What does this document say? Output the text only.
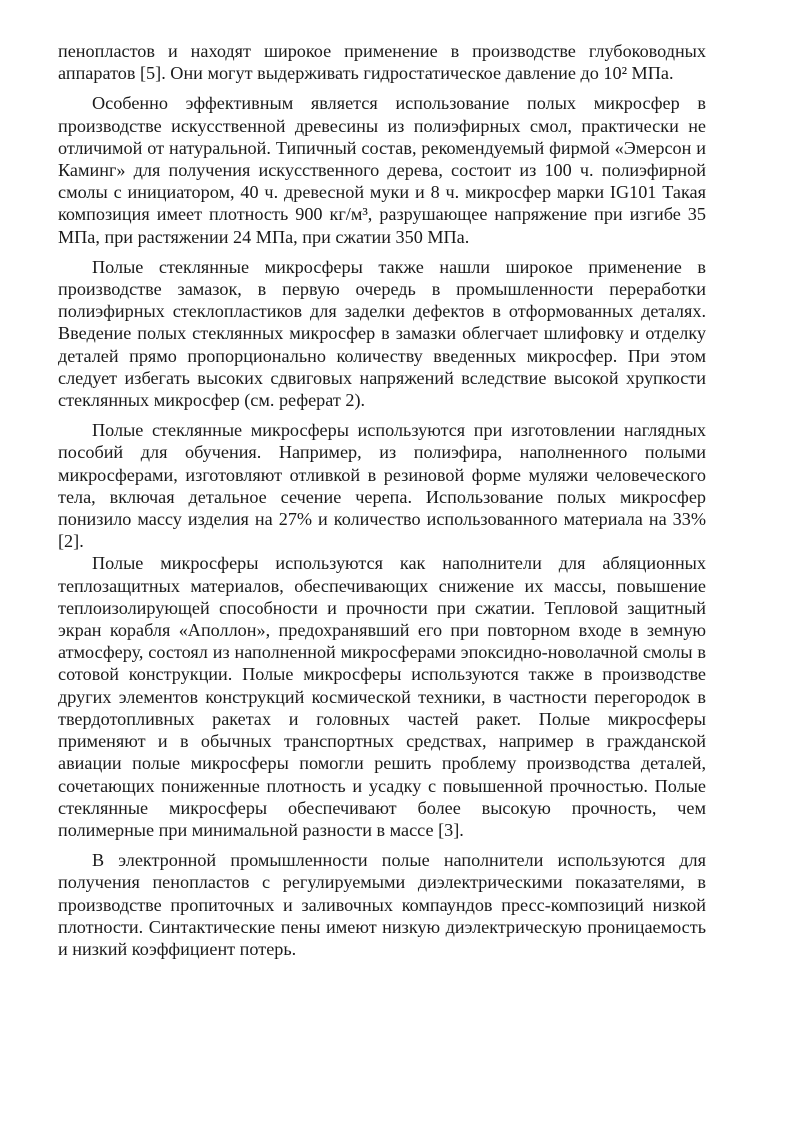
пенопластов и находят широкое применение в производстве глубоководных аппаратов [5]. Они могут выдерживать гидростатическое давление до 10² МПа.

Особенно эффективным является использование полых микросфер в производстве искусственной древесины из полиэфирных смол, практически не отличимой от натуральной. Типичный состав, рекомендуемый фирмой «Эмерсон и Каминг» для получения искусственного дерева, состоит из 100 ч. полиэфирной смолы с инициатором, 40 ч. древесной муки и 8 ч. микросфер марки IG101 Такая композиция имеет плотность 900 кг/м³, разрушающее напряжение при изгибе 35 МПа, при растяжении 24 МПа, при сжатии 350 МПа.

Полые стеклянные микросферы также нашли широкое применение в производстве замазок, в первую очередь в промышленности переработки полиэфирных стеклопластиков для заделки дефектов в отформованных деталях. Введение полых стеклянных микросфер в замазки облегчает шлифовку и отделку деталей прямо пропорционально количеству введенных микросфер. При этом следует избегать высоких сдвиговых напряжений вследствие высокой хрупкости стеклянных микросфер (см. реферат 2).

Полые стеклянные микросферы используются при изготовлении наглядных пособий для обучения. Например, из полиэфира, наполненного полыми микросферами, изготовляют отливкой в резиновой форме муляжи человеческого тела, включая детальное сечение черепа. Использование полых микросфер понизило массу изделия на 27% и количество использованного материала на 33% [2].

Полые микросферы используются как наполнители для абляционных теплозащитных материалов, обеспечивающих снижение их массы, повышение теплоизолирующей способности и прочности при сжатии. Тепловой защитный экран корабля «Аполлон», предохранявший его при повторном входе в земную атмосферу, состоял из наполненной микросферами эпоксидно-новолачной смолы в сотовой конструкции. Полые микросферы используются также в производстве других элементов конструкций космической техники, в частности перегородок в твердотопливных ракетах и головных частей ракет. Полые микросферы применяют и в обычных транспортных средствах, например в гражданской авиации полые микросферы помогли решить проблему производства деталей, сочетающих пониженные плотность и усадку с повышенной прочностью. Полые стеклянные микросферы обеспечивают более высокую прочность, чем полимерные при минимальной разности в массе [3].

В электронной промышленности полые наполнители используются для получения пенопластов с регулируемыми диэлектрическими показателями, в производстве пропиточных и заливочных компаундов пресс-композиций низкой плотности. Синтактические пены имеют низкую диэлектрическую проницаемость и низкий коэффициент потерь.
